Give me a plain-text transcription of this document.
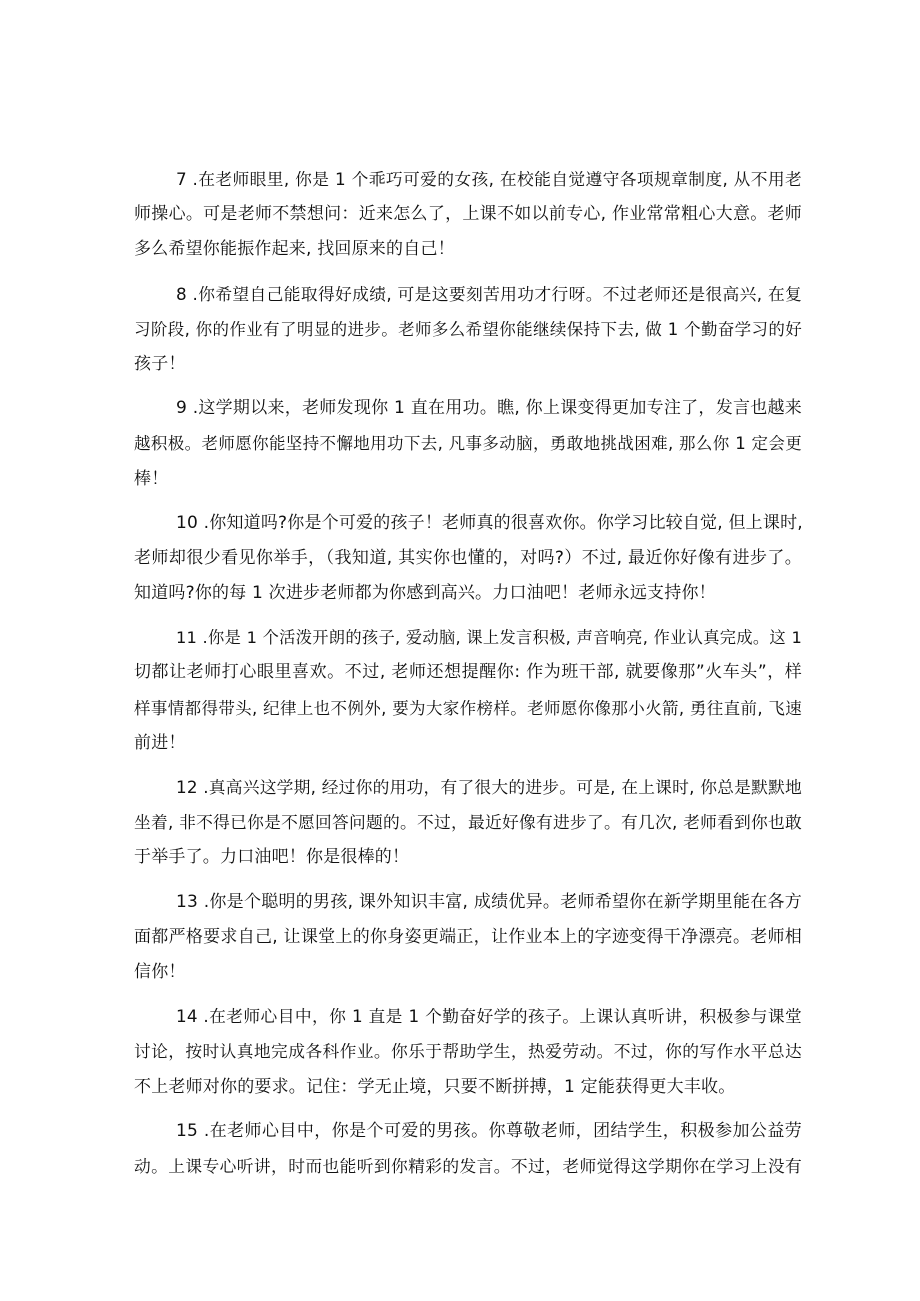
7 .在老师眼里, 你是 1 个乖巧可爱的女孩, 在校能自觉遵守各项规章制度, 从不用老
师操心。可是老师不禁想问：近来怎么了，上课不如以前专心, 作业常常粗心大意。老师
多么希望你能振作起来, 找回原来的自己！
8 .你希望自己能取得好成绩, 可是这要刻苦用功才行呀。不过老师还是很高兴, 在复
习阶段, 你的作业有了明显的进步。老师多么希望你能继续保持下去, 做 1 个勤奋学习的好
孩子！
9 .这学期以来，老师发现你 1 直在用功。瞧, 你上课变得更加专注了，发言也越来
越积极。老师愿你能坚持不懈地用功下去, 凡事多动脑，勇敢地挑战困难, 那么你 1 定会更
棒！
10 .你知道吗?你是个可爱的孩子！老师真的很喜欢你。你学习比较自觉, 但上课时,
老师却很少看见你举手，（我知道, 其实你也懂的，对吗?）不过, 最近你好像有进步了。
知道吗?你的每 1 次进步老师都为你感到高兴。力口油吧！老师永远支持你！
11 .你是 1 个活泼开朗的孩子, 爱动脑, 课上发言积极, 声音响亮, 作业认真完成。这 1
切都让老师打心眼里喜欢。不过, 老师还想提醒你: 作为班干部, 就要像那”火车头”，样
样事情都得带头, 纪律上也不例外, 要为大家作榜样。老师愿你像那小火箭, 勇往直前, 飞速
前进！
12 .真高兴这学期, 经过你的用功，有了很大的进步。可是, 在上课时, 你总是默默地
坐着, 非不得已你是不愿回答问题的。不过，最近好像有进步了。有几次, 老师看到你也敢
于举手了。力口油吧！你是很棒的！
13 .你是个聪明的男孩, 课外知识丰富, 成绩优异。老师希望你在新学期里能在各方
面都严格要求自己, 让课堂上的你身姿更端正，让作业本上的字迹变得干净漂亮。老师相
信你！
14 .在老师心目中，你 1 直是 1 个勤奋好学的孩子。上课认真听讲，积极参与课堂
讨论，按时认真地完成各科作业。你乐于帮助学生，热爱劳动。不过，你的写作水平总达
不上老师对你的要求。记住：学无止境，只要不断拼搏，1 定能获得更大丰收。
15 .在老师心目中，你是个可爱的男孩。你尊敬老师，团结学生，积极参加公益劳
动。上课专心听讲，时而也能听到你精彩的发言。不过，老师觉得这学期你在学习上没有
